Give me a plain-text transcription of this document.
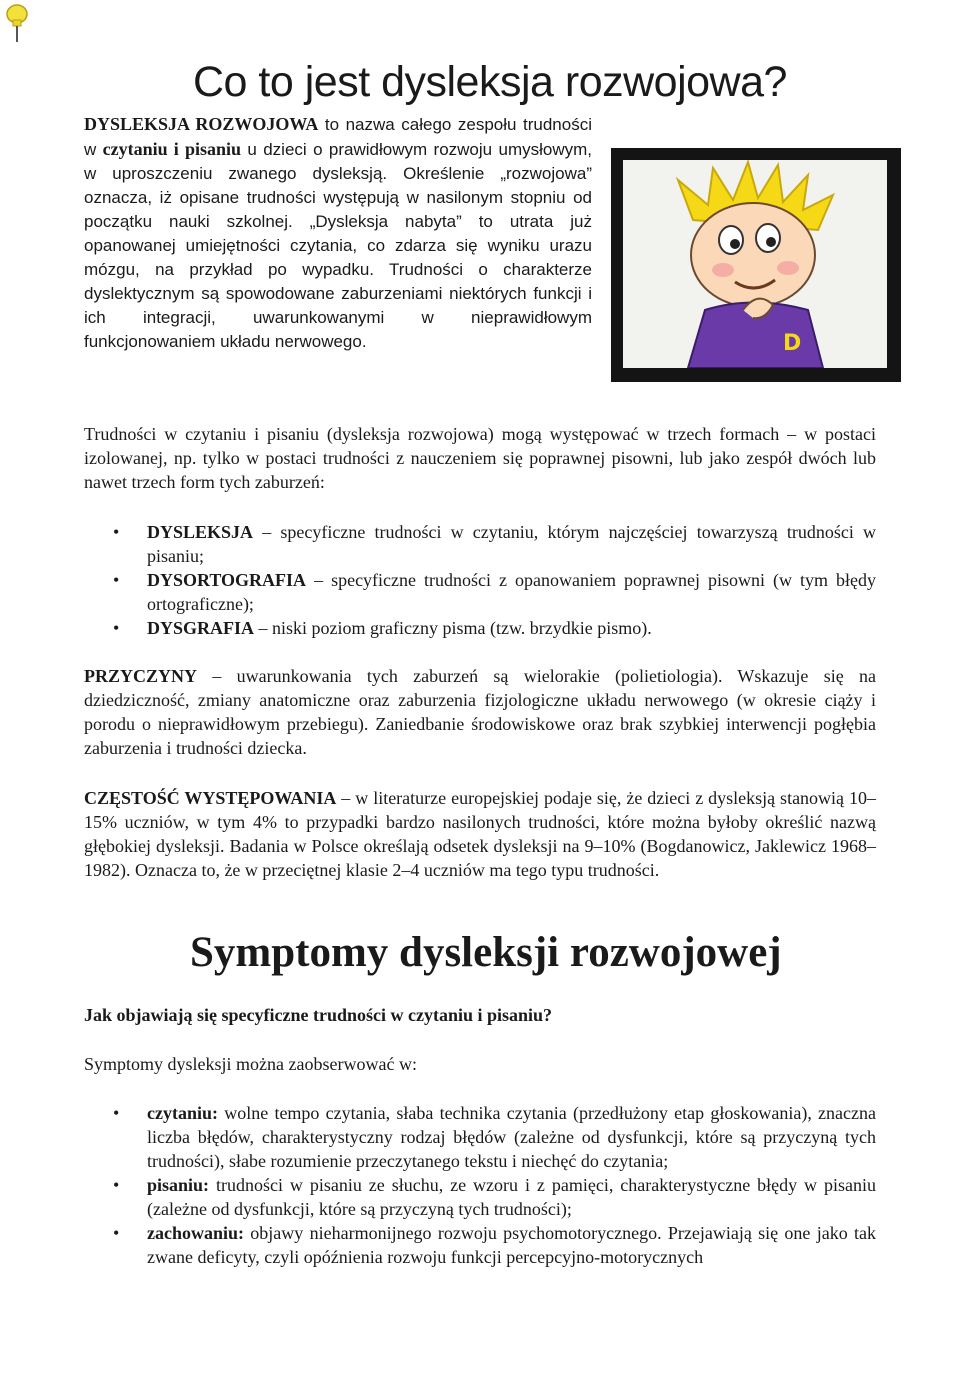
Co to jest dysleksja rozwojowa?

DYSLEKSJA ROZWOJOWA to nazwa całego zespołu trudności w czytaniu i pisaniu u dzieci o prawidłowym rozwoju umysłowym, w uproszczeniu zwanego dysleksją. Określenie „rozwojowa” oznacza, iż opisane trudności występują w nasilonym stopniu od początku nauki szkolnej. „Dysleksja nabyta” to utrata już opanowanej umiejętności czytania, co zdarza się wyniku urazu mózgu, na przykład po wypadku. Trudności o charakterze dyslektycznym są spowodowane zaburzeniami niektórych funkcji i ich integracji, uwarunkowanymi w nieprawidłowym funkcjonowaniem układu nerwowego.	D

Trudności w czytaniu i pisaniu (dysleksja rozwojowa) mogą występować w trzech formach – w postaci izolowanej, np. tylko w postaci trudności z nauczeniem się poprawnej pisowni, lub jako zespół dwóch lub nawet trzech form tych zaburzeń:

• DYSLEKSJA – specyficzne trudności w czytaniu, którym najczęściej towarzyszą trudności w pisaniu;
• DYSORTOGRAFIA – specyficzne trudności z opanowaniem poprawnej pisowni (w tym błędy ortograficzne);
• DYSGRAFIA – niski poziom graficzny pisma (tzw. brzydkie pismo).

PRZYCZYNY – uwarunkowania tych zaburzeń są wielorakie (polietiologia). Wskazuje się na dziedziczność, zmiany anatomiczne oraz zaburzenia fizjologiczne układu nerwowego (w okresie ciąży i porodu o nieprawidłowym przebiegu). Zaniedbanie środowiskowe oraz brak szybkiej interwencji pogłębia zaburzenia i trudności dziecka.

CZĘSTOŚĆ WYSTĘPOWANIA – w literaturze europejskiej podaje się, że dzieci z dysleksją stanowią 10–15% uczniów, w tym 4% to przypadki bardzo nasilonych trudności, które można byłoby określić nazwą głębokiej dysleksji. Badania w Polsce określają odsetek dysleksji na 9–10% (Bogdanowicz, Jaklewicz 1968–1982). Oznacza to, że w przeciętnej klasie 2–4 uczniów ma tego typu trudności.

Symptomy dysleksji rozwojowej

Jak objawiają się specyficzne trudności w czytaniu i pisaniu?

Symptomy dysleksji można zaobserwować w:

• czytaniu: wolne tempo czytania, słaba technika czytania (przedłużony etap głoskowania), znaczna liczba błędów, charakterystyczny rodzaj błędów (zależne od dysfunkcji, które są przyczyną tych trudności), słabe rozumienie przeczytanego tekstu i niechęć do czytania;
• pisaniu: trudności w pisaniu ze słuchu, ze wzoru i z pamięci, charakterystyczne błędy w pisaniu (zależne od dysfunkcji, które są przyczyną tych trudności);
• zachowaniu: objawy nieharmonijnego rozwoju psychomotorycznego. Przejawiają się one jako tak zwane deficyty, czyli opóźnienia rozwoju funkcji percepcyjno-motorycznych
